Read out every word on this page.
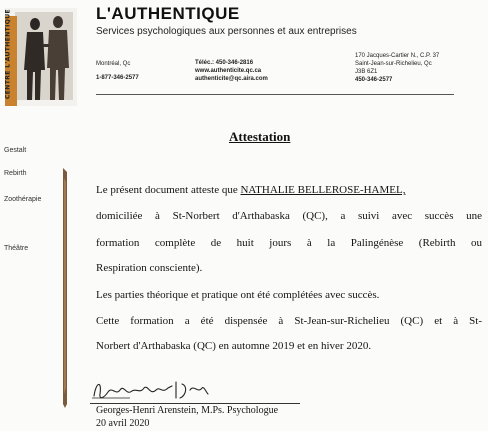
CENTRE L'AUTHENTIQUE	L'AUTHENTIQUE
Services psychologiques aux personnes et aux entreprises
Montréal, Qc
1-877-346-2577
Téléc.: 450-346-2816
www.authenticite.qc.ca
authenticite@qc.aira.com
170 Jacques-Cartier N., C.P. 37
Saint-Jean-sur-Richelieu, Qc
J3B 6Z1
450-346-2577
Gestalt
Rebirth
Zoothérapie
Théâtre
Attestation
Le présent document atteste que NATHALIE BELLEROSE-HAMEL,
domiciliée à St-Norbert d'Arthabaska (QC), a suivi avec succès une
formation complète de huit jours à la Palingénèse (Rebirth ou
Respiration consciente).
Les parties théorique et pratique ont été complétées avec succès.
Cette formation a été dispensée à St-Jean-sur-Richelieu (QC) et à St-
Norbert d'Arthabaska (QC) en automne 2019 et en hiver 2020.
Georges-Henri Arenstein, M.Ps. Psychologue
20 avril 2020
